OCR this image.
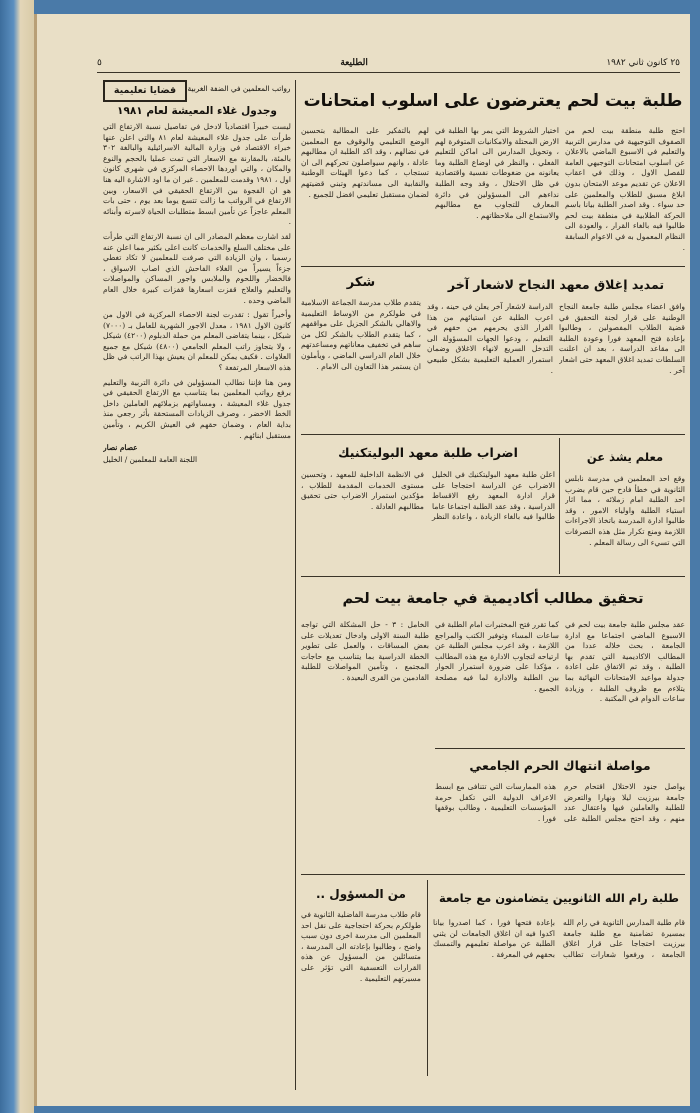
٢٥ كانون ثاني ١٩٨٢
الطليعة
٥
قضايا تعليمية	رواتب المعلمين في الضفة الغربية

وجدول غلاء المعيشة لعام ١٩٨١

ليست خبيراً اقتصادياً لادخل في تفاصيل نسبة الارتفاع التي طرأت على جدول غلاء المعيشة لعام ٨١ والتي اعلن عنها خبراء الاقتصاد في وزارة المالية الاسرائيلية والبالغة ٣٠٢ بالمئة، بالمقارنة مع الاسعار التي تمت عمليا بالحجم والنوع والمكان ، والتي اوردها الاحصاء المركزي في شهري كانون اول ، ١٩٨١ وقدمت للمعلمين . غير ان ما اود الاشارة اليه هنا هو ان الفجوة بين الارتفاع الحقيقي في الاسعار، وبين الارتفاع في الرواتب ما زالت تتسع يوما بعد يوم ، حتى بات المعلم عاجزاً عن تأمين ابسط متطلبات الحياة لاسرته وأبنائه .

لقد اشارت معظم المصادر الى ان نسبة الارتفاع التي طرأت على مختلف السلع والخدمات كانت اعلى بكثير مما اعلن عنه رسميا ، وان الزيادة التي صرفت للمعلمين لا تكاد تغطي جزءاً يسيراً من الغلاء الفاحش الذي اصاب الاسواق ، فالخضار واللحوم والملابس واجور المساكن والمواصلات والتعليم والعلاج قفزت اسعارها قفزات كبيرة خلال العام الماضي وحده .

وأخيراً تقول : تقدرت لجنة الاحصاء المركزية في الاول من كانون الاول ١٩٨١ ، معدل الاجور الشهرية للعامل بـ (٧٠٠٠) شيكل ، بينما يتقاضى المعلم من حملة الدبلوم (٤٢٠٠) شيكل ، ولا يتجاوز راتب المعلم الجامعي (٤٨٠٠) شيكل مع جميع العلاوات . فكيف يمكن للمعلم ان يعيش بهذا الراتب في ظل هذه الاسعار المرتفعة ؟

ومن هنا فإننا نطالب المسؤولين في دائرة التربية والتعليم برفع رواتب المعلمين بما يتناسب مع الارتفاع الحقيقي في جدول غلاء المعيشة ، ومساواتهم بزملائهم العاملين داخل الخط الاخضر ، وصرف الزيادات المستحقة بأثر رجعي منذ بداية العام ، وضمان حقهم في العيش الكريم ، وتأمين مستقبل ابنائهم .

عصام نصار

اللجنة العامة للمعلمين / الخليل

طلبة بيت لحم يعترضون على اسلوب امتحانات

احتج طلبة منطقة بيت لحم من الصفوف التوجيهية في مدارس التربية والتعليم في الاسبوع الماضي بالاعلان عن اسلوب امتحانات التوجيهي العامة للفصل الاول ، وذلك في اعقاب الاعلان عن تقديم موعد الامتحان بدون ابلاغ مسبق للطلاب والمعلمين على حد سواء . وقد اصدر الطلبة بيانا باسم الحركة الطلابية في منطقة بيت لحم طالبوا فيه بالغاء القرار ، والعودة الى النظام المعمول به في الاعوام السابقة .

اختيار الشروط التي يمر بها الطلبة في الارض المحتلة والامكانيات المتوفرة لهم ، وتحويل المدارس الى اماكن للتعليم الفعلي ، والنظر في اوضاع الطلبة وما يعانونه من ضغوطات نفسية واقتصادية في ظل الاحتلال ، وقد وجه الطلبة نداءهم الى المسؤولين في دائرة المعارف للتجاوب مع مطالبهم والاستماع الى ملاحظاتهم .

لهم بالتفكير على المطالبة بتحسين الوضع التعليمي والوقوف مع المعلمين في نضالهم ، وقد اكد الطلبة ان مطالبهم عادلة ، وانهم سيواصلون تحركهم الى ان تستجاب ، كما دعوا الهيئات الوطنية والنقابية الى مساندتهم وتبني قضيتهم لضمان مستقبل تعليمي افضل للجميع .

شكر

يتقدم طلاب مدرسة الجماعة الاسلامية في طولكرم من الاوساط التعليمية والاهالي بالشكر الجزيل على مواقفهم ، كما يتقدم الطلاب بالشكر لكل من ساهم في تخفيف معاناتهم ومساعدتهم خلال العام الدراسي الماضي ، ويأملون ان يستمر هذا التعاون الى الامام .

تمديد إغلاق معهد النجاح لاشعار آخر

وافق اعضاء مجلس طلبة جامعة النجاح الوطنية على قرار لجنة التحقيق في قضية الطلاب المفصولين ، وطالبوا بإعادة فتح المعهد فورا وعودة الطلبة الى مقاعد الدراسة ، بعد ان اعلنت السلطات تمديد اغلاق المعهد حتى اشعار آخر .

الدراسة لاشعار آخر يعلن في حينه ، وقد اعرب الطلبة عن استيائهم من هذا القرار الذي يحرمهم من حقهم في التعليم ، ودعوا الجهات المسؤولة الى التدخل السريع لانهاء الاغلاق وضمان استمرار العملية التعليمية بشكل طبيعي .

اضراب طلبة معهد البوليتكنيك

اعلن طلبة معهد البوليتكنيك في الخليل الاضراب عن الدراسة احتجاجا على قرار ادارة المعهد رفع الاقساط الدراسية ، وقد عقد الطلبة اجتماعا عاما طالبوا فيه بالغاء الزيادة ، واعادة النظر في الانظمة الداخلية للمعهد ، وتحسين مستوى الخدمات المقدمة للطلاب ، مؤكدين استمرار الاضراب حتى تحقيق مطالبهم العادلة .

معلم يشذ عن

وقع احد المعلمين في مدرسة نابلس الثانوية في خطأ فادح حين قام بضرب احد الطلبة امام زملائه ، مما اثار استياء الطلبة واولياء الامور ، وقد طالبوا ادارة المدرسة باتخاذ الاجراءات اللازمة ومنع تكرار مثل هذه التصرفات التي تسيء الى رسالة المعلم .

تحقيق مطالب أكاديمية في جامعة بيت لحم

عقد مجلس طلبة جامعة بيت لحم في الاسبوع الماضي اجتماعا مع ادارة الجامعة ، بحث خلاله عددا من المطالب الاكاديمية التي تقدم بها الطلبة ، وقد تم الاتفاق على اعادة جدولة مواعيد الامتحانات النهائية بما يتلاءم مع ظروف الطلبة ، وزيادة ساعات الدوام في المكتبة .

كما تقرر فتح المختبرات امام الطلبة في ساعات المساء وتوفير الكتب والمراجع اللازمة ، وقد اعرب مجلس الطلبة عن ارتياحه لتجاوب الادارة مع هذه المطالب ، مؤكدا على ضرورة استمرار الحوار بين الطلبة والادارة لما فيه مصلحة الجميع .

الخامل : ٣ - حل المشكلة التي تواجه طلبة السنة الاولى وادخال تعديلات على بعض المساقات ، والعمل على تطوير الخطة الدراسية بما يتناسب مع حاجات المجتمع ، وتأمين المواصلات للطلبة القادمين من القرى البعيدة .

مواصلة انتهاك الحرم الجامعي

يواصل جنود الاحتلال اقتحام حرم جامعة بيرزيت ليلا ونهارا والتعرض للطلبة والعاملين فيها واعتقال عدد منهم ، وقد احتج مجلس الطلبة على هذه الممارسات التي تتنافى مع ابسط الاعراف الدولية التي تكفل حرمة المؤسسات التعليمية ، وطالب بوقفها فورا .

من المسؤول ..

قام طلاب مدرسة الفاضلية الثانوية في طولكرم بحركة احتجاجية على نقل احد المعلمين الى مدرسة اخرى دون سبب واضح ، وطالبوا بإعادته الى المدرسة ، متسائلين من المسؤول عن هذه القرارات التعسفية التي تؤثر على مسيرتهم التعليمية .

طلبة رام الله الثانويين يتضامنون مع جامعة

قام طلبة المدارس الثانوية في رام الله بمسيرة تضامنية مع طلبة جامعة بيرزيت احتجاجا على قرار اغلاق الجامعة ، ورفعوا شعارات تطالب بإعادة فتحها فورا ، كما اصدروا بيانا اكدوا فيه ان اغلاق الجامعات لن يثني الطلبة عن مواصلة تعليمهم والتمسك بحقهم في المعرفة .
